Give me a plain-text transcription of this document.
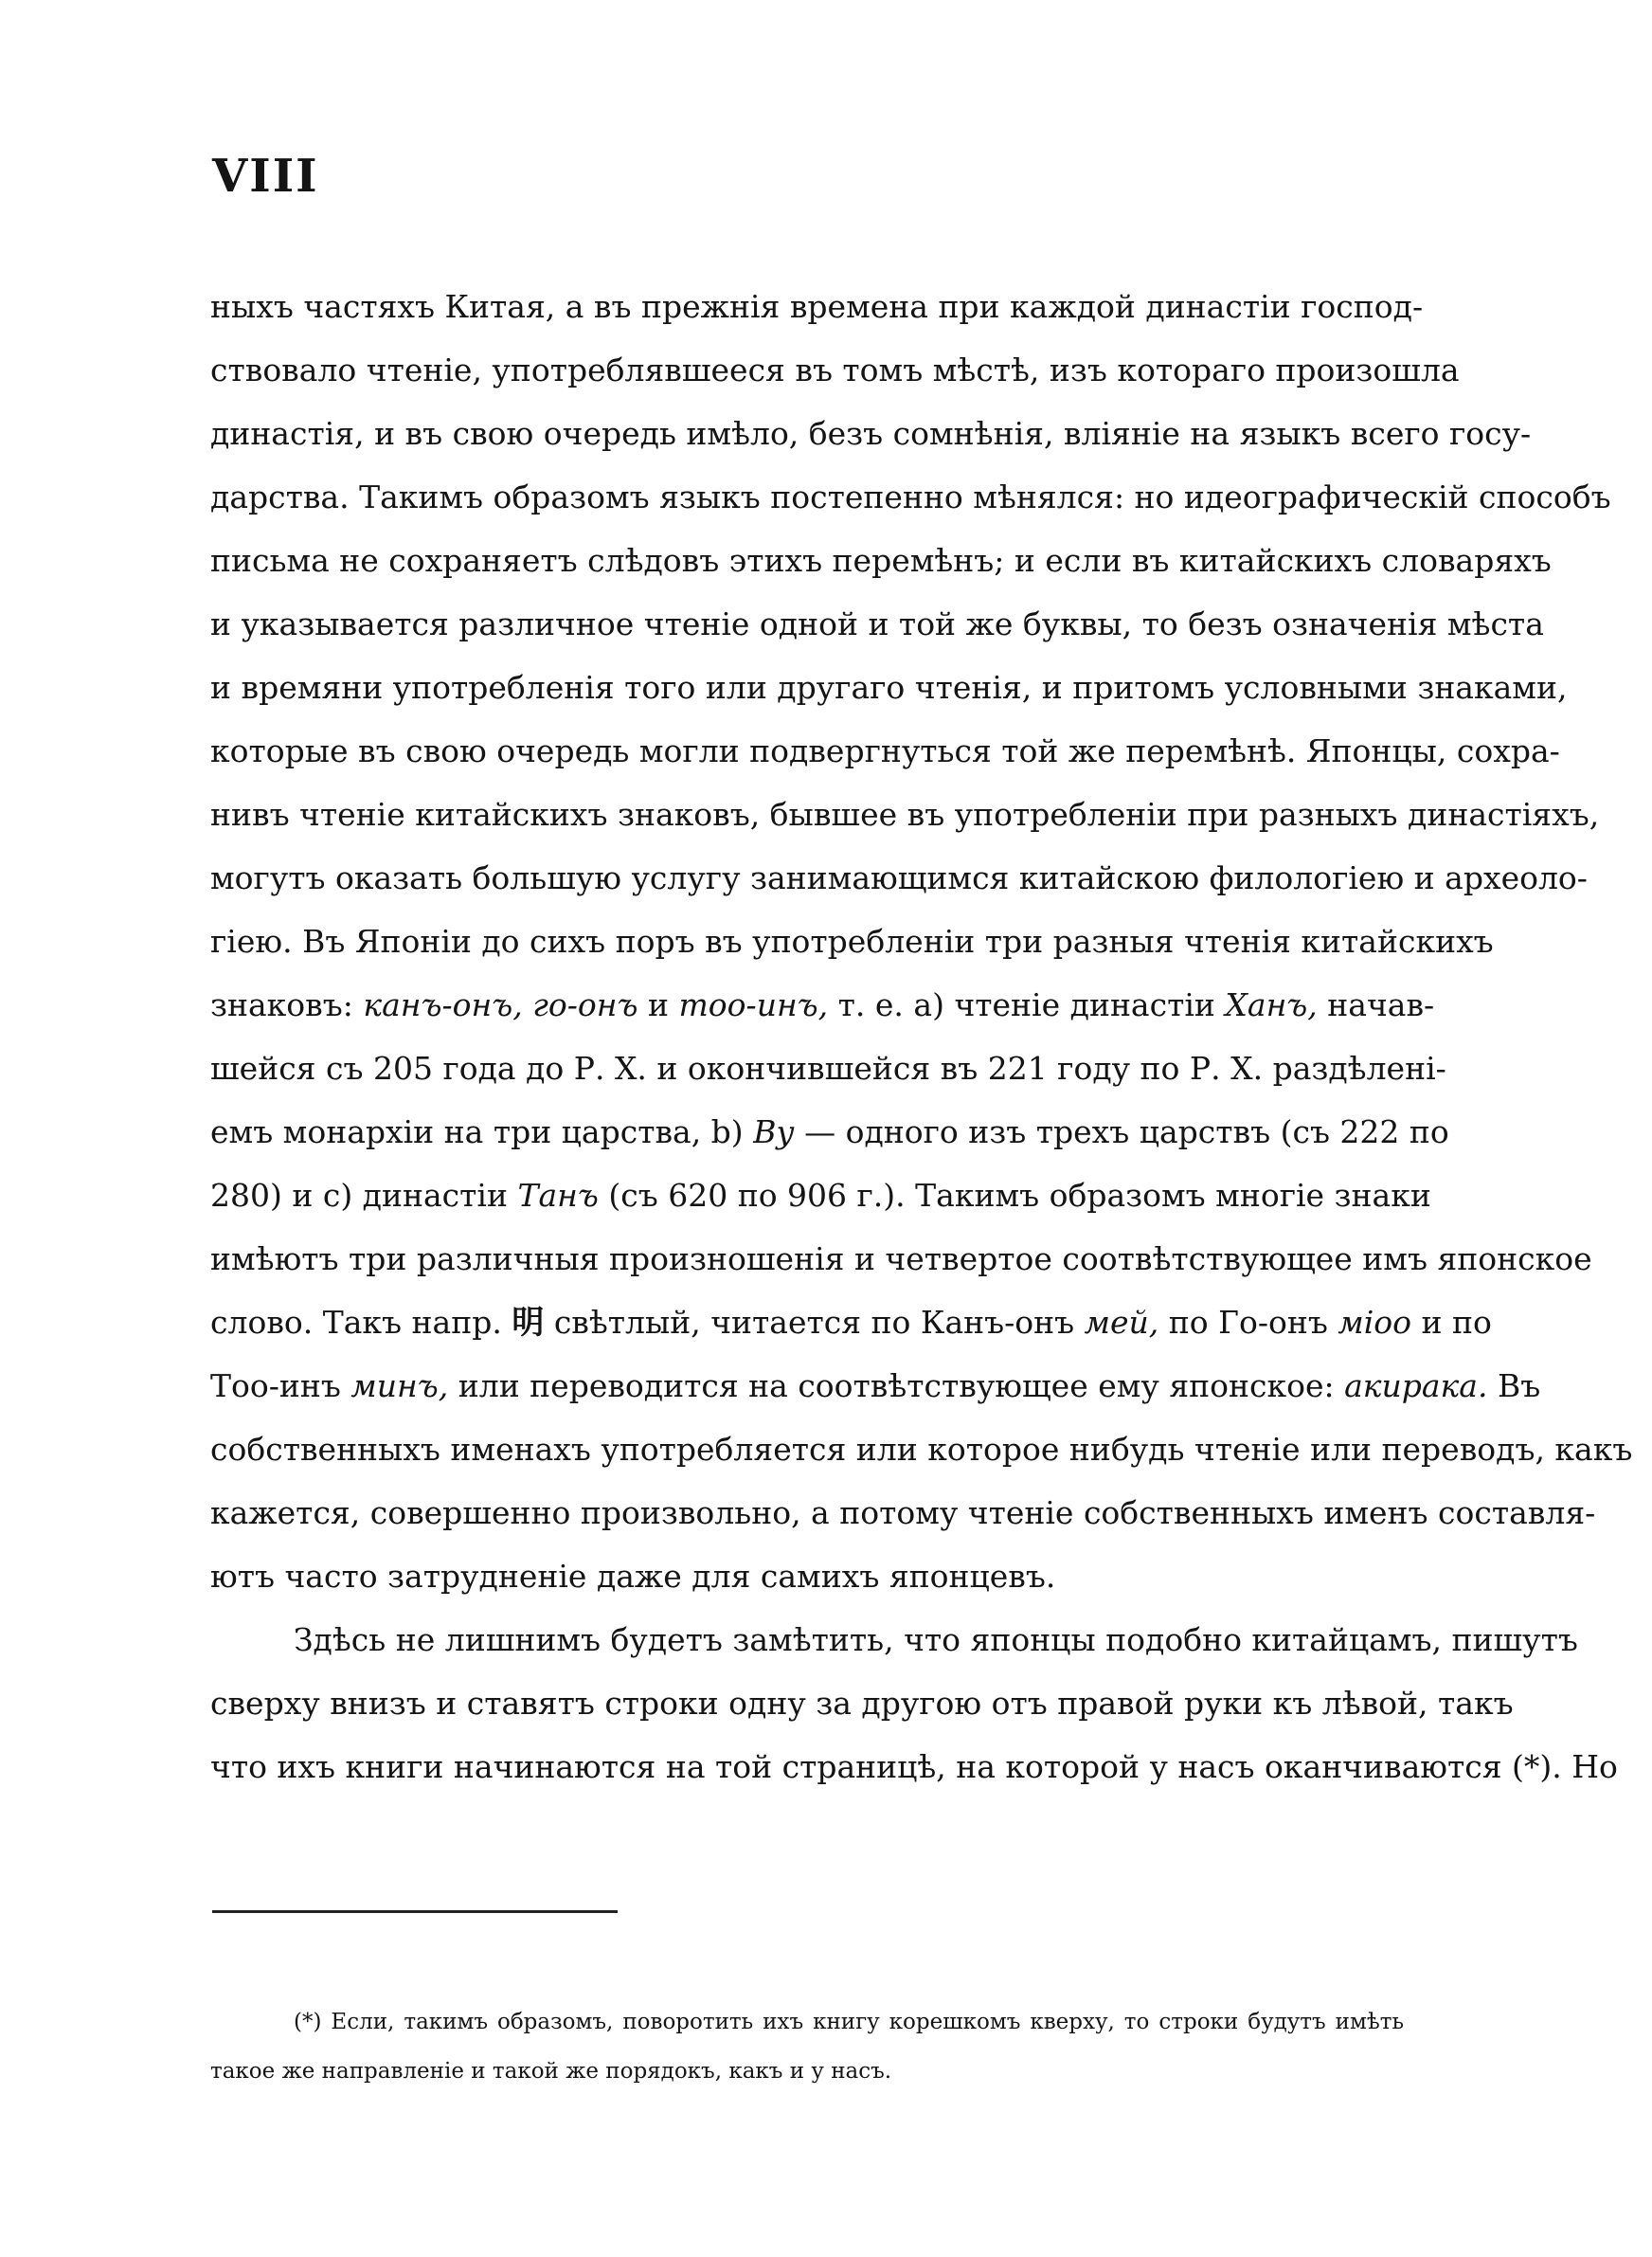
VIII
ныхъ частяхъ Китая, а въ прежнія времена при каждой династіи господ-
ствовало чтеніе, употреблявшееся въ томъ мѣстѣ, изъ котораго произошла
династія, и въ свою очередь имѣло, безъ сомнѣнія, вліяніе на языкъ всего госу-
дарства. Такимъ образомъ языкъ постепенно мѣнялся: но идеографическій способъ
письма не сохраняетъ слѣдовъ этихъ перемѣнъ; и если въ китайскихъ словаряхъ
и указывается различное чтеніе одной и той же буквы, то безъ означенія мѣста
и времяни употребленія того или другаго чтенія, и притомъ условными знаками,
которые въ свою очередь могли подвергнуться той же перемѣнѣ. Японцы, сохра-
нивъ чтеніе китайскихъ знаковъ, бывшее въ употребленіи при разныхъ династіяхъ,
могутъ оказать большую услугу занимающимся китайскою филологіею и археоло-
гіею. Въ Японіи до сихъ поръ въ употребленіи три разныя чтенія китайскихъ
знаковъ: канъ-онъ, го-онъ и тоо-инъ, т. е. а) чтеніе династіи Ханъ, начав-
шейся съ 205 года до Р. Х. и окончившейся въ 221 году по Р. Х. раздѣлені-
емъ монархіи на три царства, b) Ву — одного изъ трехъ царствъ (съ 222 по
280) и с) династіи Танъ (съ 620 по 906 г.). Такимъ образомъ многіе знаки
имѣютъ три различныя произношенія и четвертое соотвѣтствующее имъ японское
слово. Такъ напр. 明 свѣтлый, читается по Канъ-онъ мей, по Го-онъ міоо и по
Тоо-инъ минъ, или переводится на соотвѣтствующее ему японское: акирака. Въ
собственныхъ именахъ употребляется или которое нибудь чтеніе или переводъ, какъ
кажется, совершенно произвольно, а потому чтеніе собственныхъ именъ составля-
ютъ часто затрудненіе даже для самихъ японцевъ.
Здѣсь не лишнимъ будетъ замѣтить, что японцы подобно китайцамъ, пишутъ
сверху внизъ и ставятъ строки одну за другою отъ правой руки къ лѣвой, такъ
что ихъ книги начинаются на той страницѣ, на которой у насъ оканчиваются (*). Но
(*) Если, такимъ образомъ, поворотить ихъ книгу корешкомъ кверху, то строки будутъ имѣть
такое же направленіе и такой же порядокъ, какъ и у насъ.
